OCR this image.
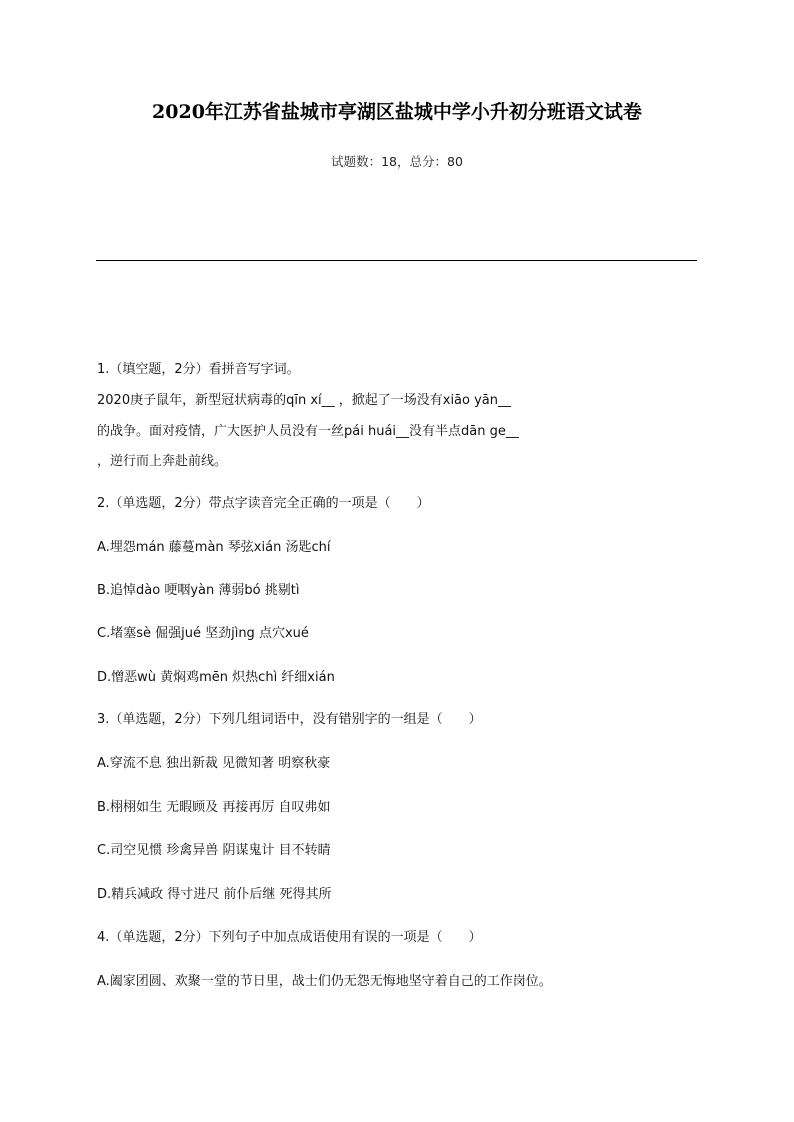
2020年江苏省盐城市亭湖区盐城中学小升初分班语文试卷
试题数：18，总分：80
1.（填空题，2分）看拼音写字词。
2020庚子鼠年，新型冠状病毒的qīn xí__ ，掀起了一场没有xiāo yān__
的战争。面对疫情，广大医护人员没有一丝pái huái__没有半点dān ge__
，逆行而上奔赴前线。
2.（单选题，2分）带点字读音完全正确的一项是（　　）
A.埋怨mán 藤蔓màn 琴弦xián 汤匙chí
B.追悼dào 哽咽yàn 薄弱bó 挑剔tì
C.堵塞sè 倔强jué 坚劲jìng 点穴xué
D.憎恶wù 黄焖鸡mēn 炽热chì 纤细xián
3.（单选题，2分）下列几组词语中，没有错别字的一组是（　　）
A.穿流不息 独出新裁 见微知著 明察秋豪
B.栩栩如生 无暇顾及 再接再厉 自叹弗如
C.司空见惯 珍禽异兽 阴谋鬼计 目不转睛
D.精兵减政 得寸进尺 前仆后继 死得其所
4.（单选题，2分）下列句子中加点成语使用有误的一项是（　　）
A.阖家团圆、欢聚一堂的节日里，战士们仍无怨无悔地坚守着自己的工作岗位。
